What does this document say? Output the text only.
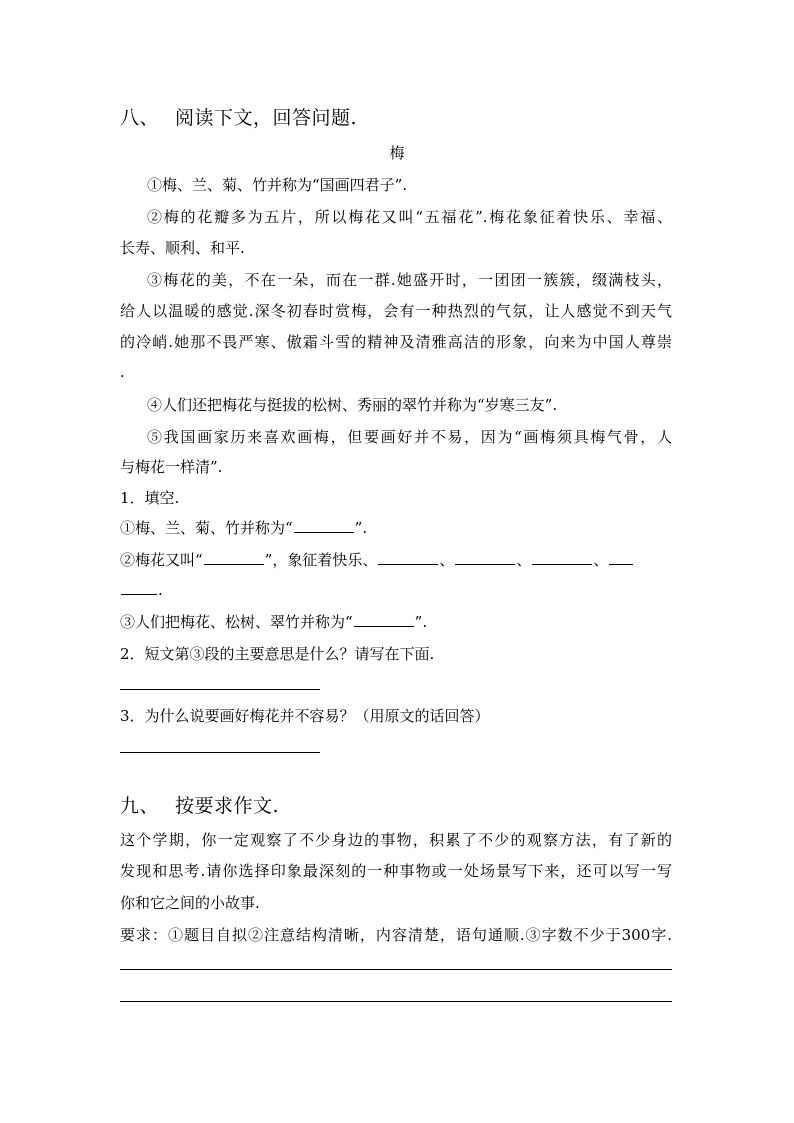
八、 阅读下文，回答问题.
梅
①梅、兰、菊、竹并称为“国画四君子”.
②梅的花瓣多为五片，所以梅花又叫“五福花”.梅花象征着快乐、幸福、
长寿、顺利、和平.
③梅花的美，不在一朵，而在一群.她盛开时，一团团一簇簇，缀满枝头，
给人以温暖的感觉.深冬初春时赏梅，会有一种热烈的气氛，让人感觉不到天气
的冷峭.她那不畏严寒、傲霜斗雪的精神及清雅高洁的形象，向来为中国人尊崇
.
④人们还把梅花与挺拔的松树、秀丽的翠竹并称为“岁寒三友”.
⑤我国画家历来喜欢画梅，但要画好并不易，因为“画梅须具梅气骨，人
与梅花一样清”.
1．填空.
①梅、兰、菊、竹并称为“	”.
②梅花又叫“	”，象征着快乐、	、	、	、
.
③人们把梅花、松树、翠竹并称为“	”.
2．短文第③段的主要意思是什么？请写在下面.
3．为什么说要画好梅花并不容易？（用原文的话回答）
九、 按要求作文.
这个学期，你一定观察了不少身边的事物，积累了不少的观察方法，有了新的
发现和思考.请你选择印象最深刻的一种事物或一处场景写下来，还可以写一写
你和它之间的小故事.
要求：①题目自拟②注意结构清晰，内容清楚，语句通顺.③字数不少于300字.
